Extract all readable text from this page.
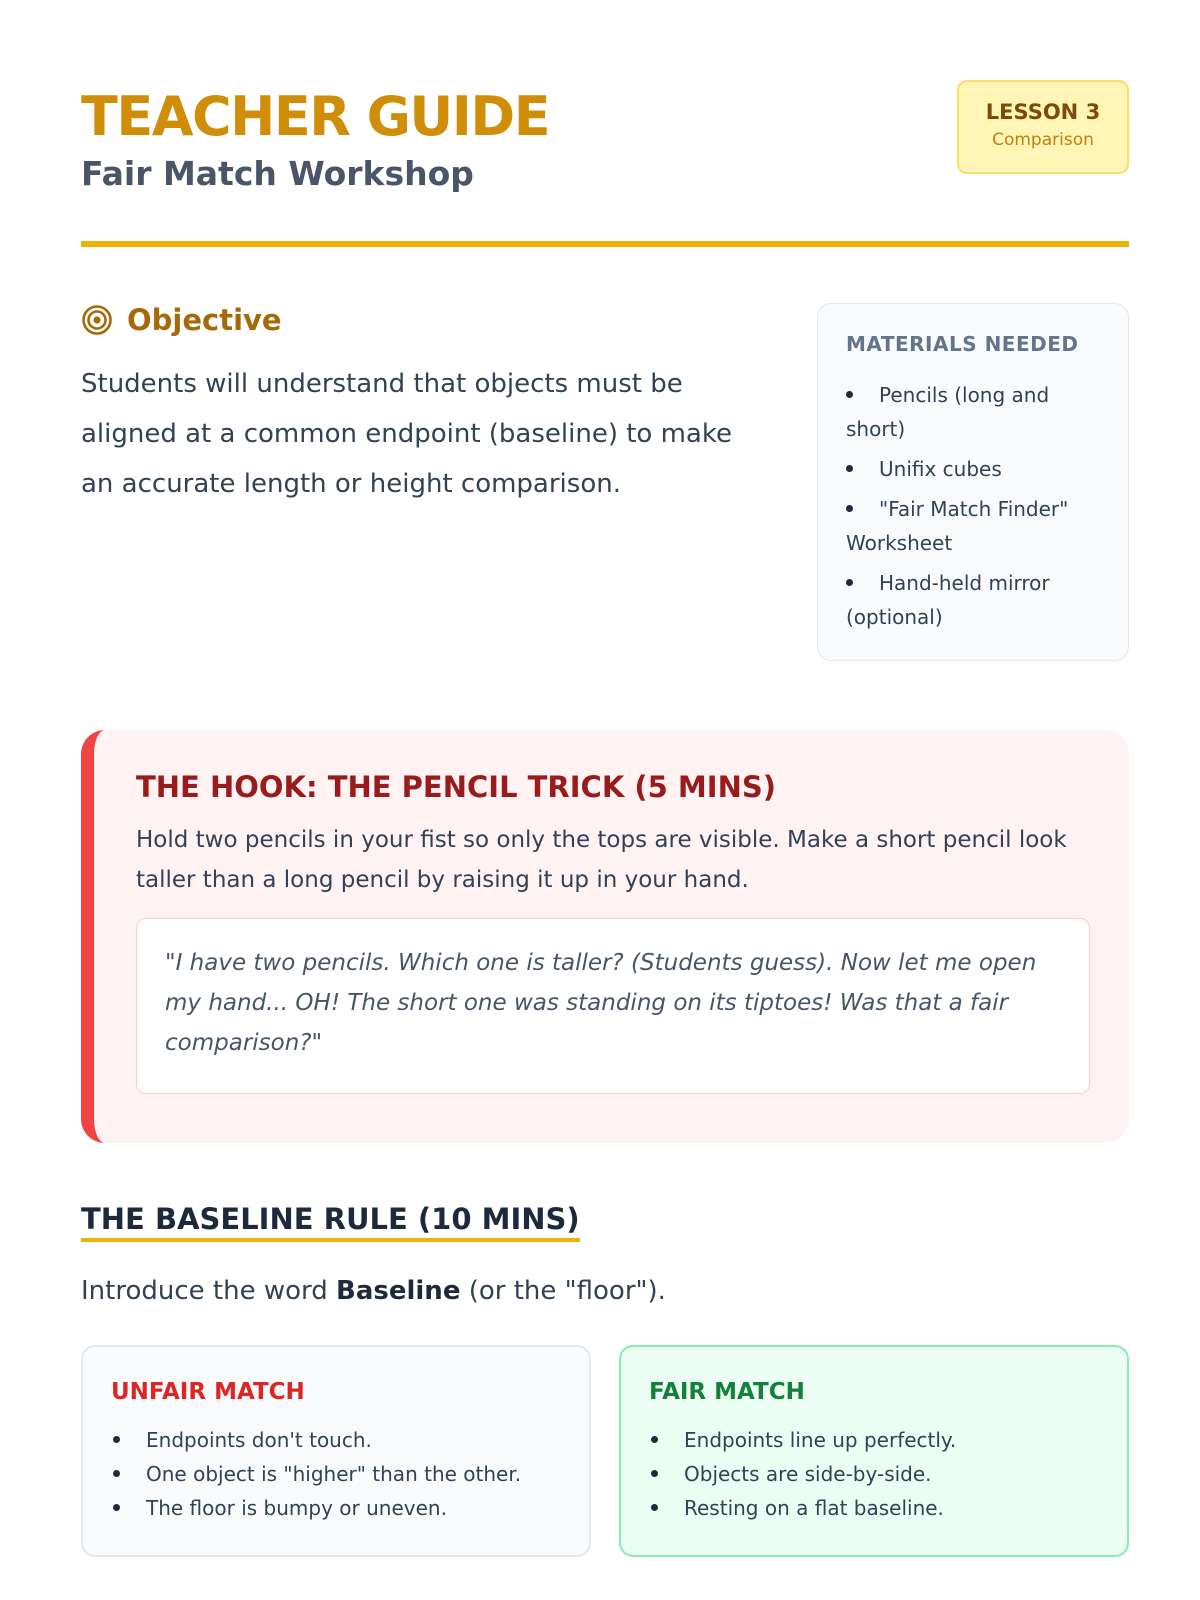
TEACHER GUIDE
Fair Match Workshop
LESSON 3
Comparison
Objective

Students will understand that objects must be aligned at a common endpoint (baseline) to make an accurate length or height comparison.

MATERIALS NEEDED
Pencils (long and short)
Unifix cubes
"Fair Match Finder" Worksheet
Hand-held mirror (optional)
THE HOOK: THE PENCIL TRICK (5 MINS)

Hold two pencils in your fist so only the tops are visible. Make a short pencil look taller than a long pencil by raising it up in your hand.

"I have two pencils. Which one is taller? (Students guess). Now let me open my hand... OH! The short one was standing on its tiptoes! Was that a fair comparison?"

THE BASELINE RULE (10 MINS)

Introduce the word Baseline (or the "floor").

UNFAIR MATCH
Endpoints don't touch.
One object is "higher" than the other.
The floor is bumpy or uneven.
FAIR MATCH
Endpoints line up perfectly.
Objects are side-by-side.
Resting on a flat baseline.
